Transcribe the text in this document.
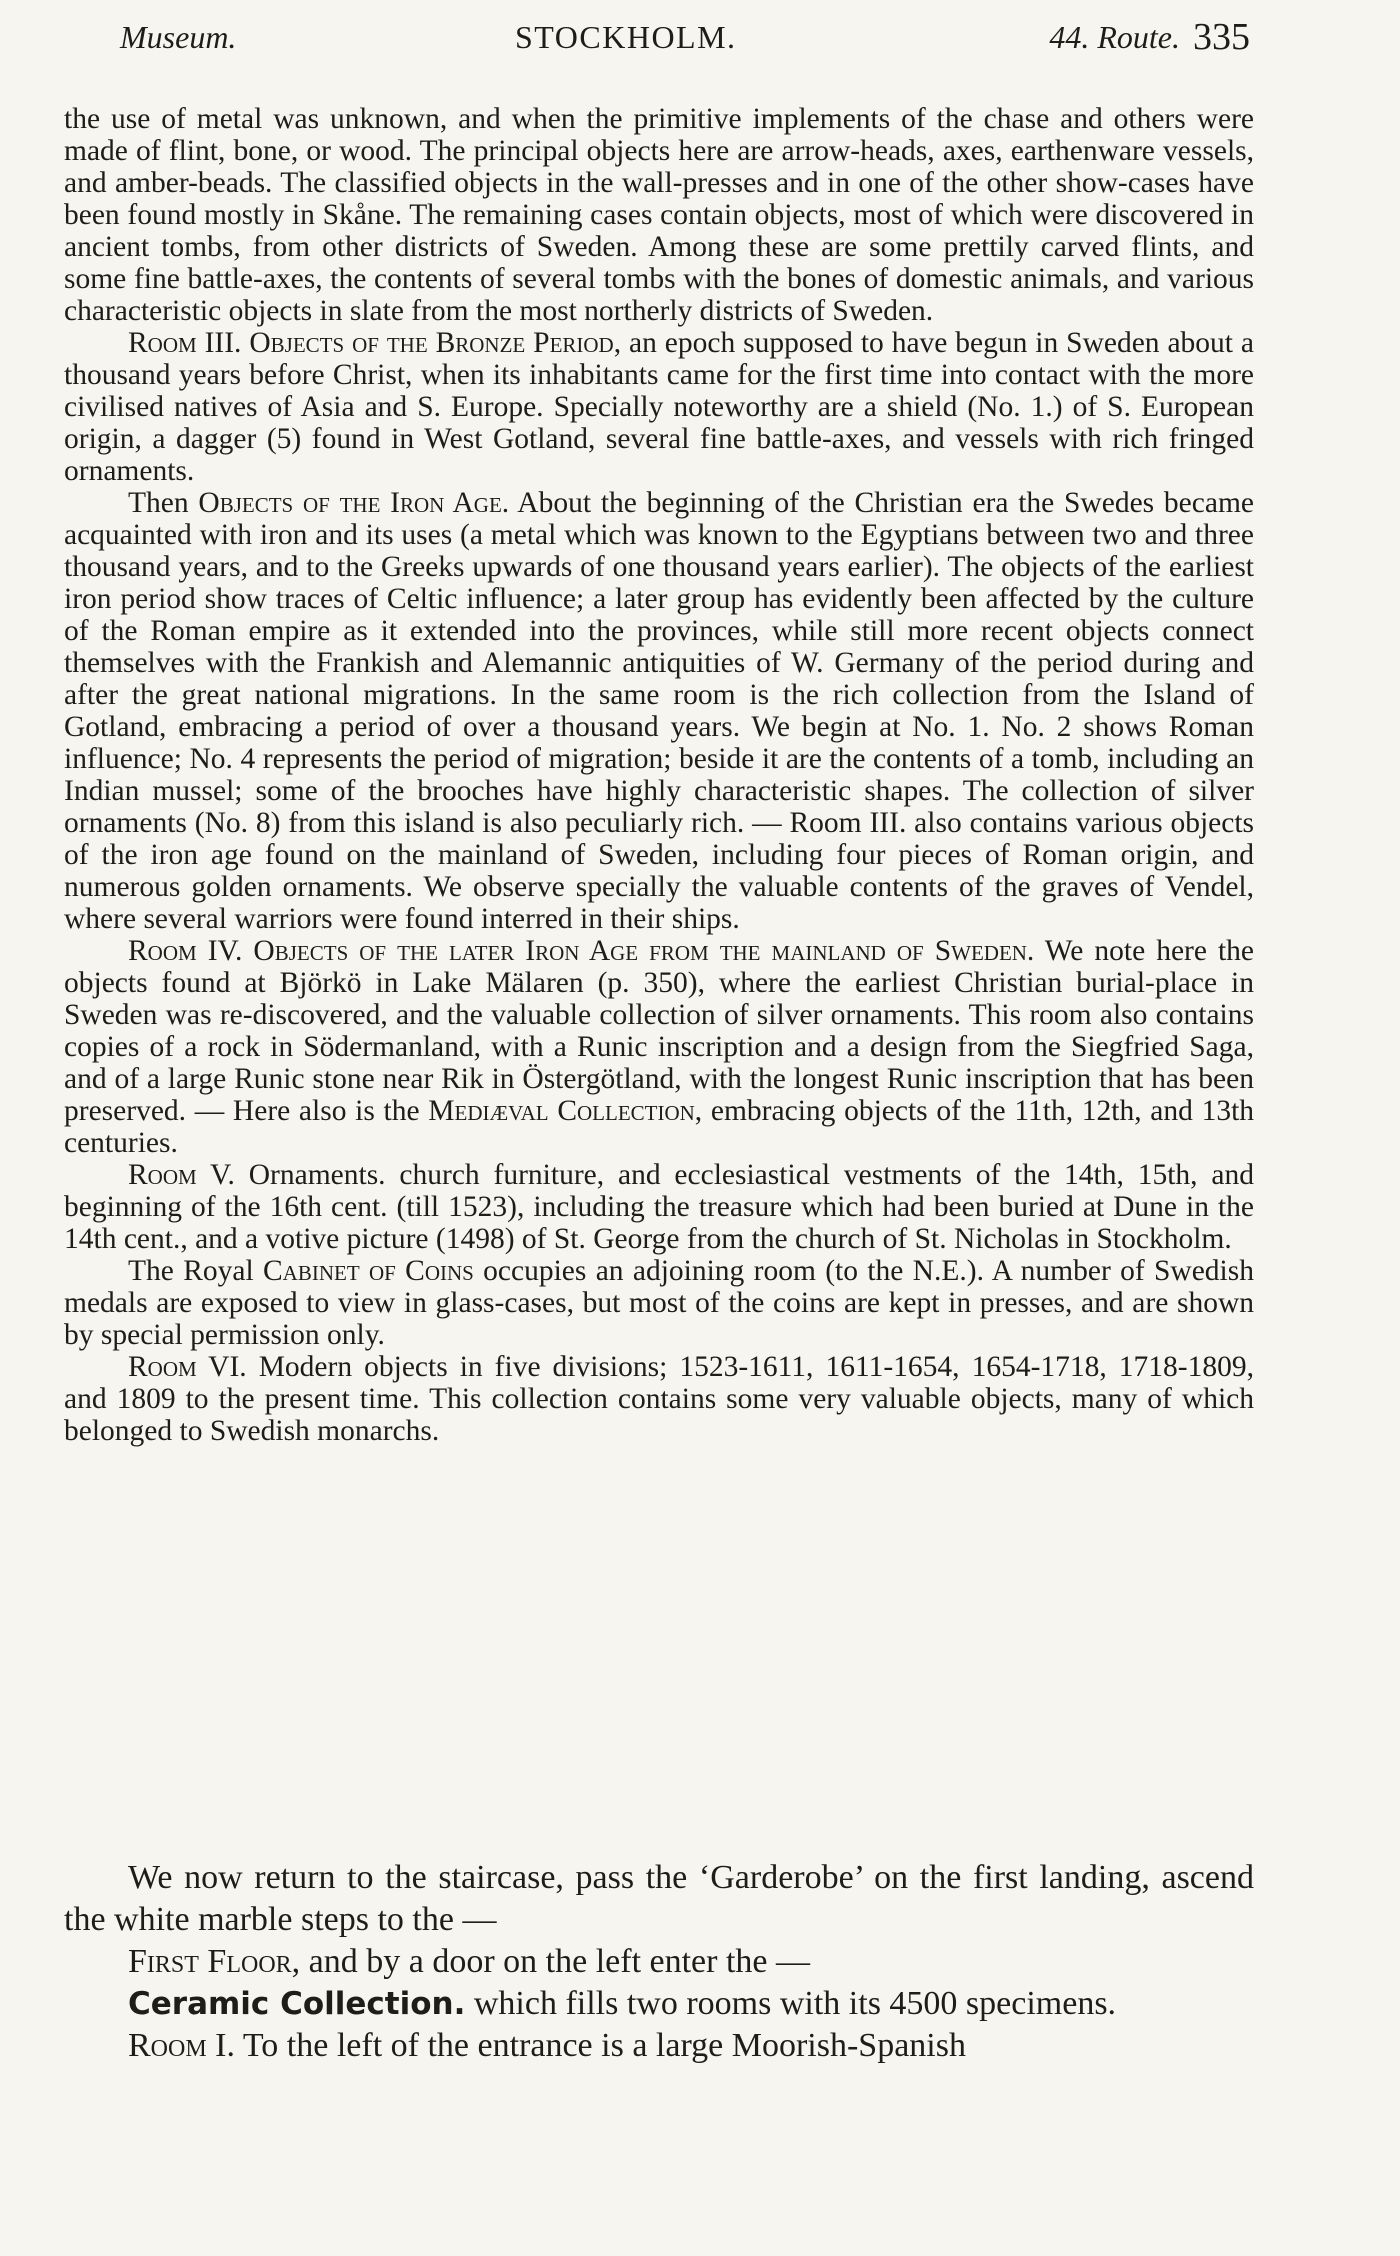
Museum.	STOCKHOLM.	44. Route. 335

the use of metal was unknown, and when the primitive implements of the chase and others were made of flint, bone, or wood. The principal objects here are arrow-heads, axes, earthenware vessels, and amber-beads. The classified objects in the wall-presses and in one of the other show-cases have been found mostly in Skåne. The remaining cases contain objects, most of which were discovered in ancient tombs, from other districts of Sweden. Among these are some prettily carved flints, and some fine battle-axes, the contents of several tombs with the bones of domestic animals, and various characteristic objects in slate from the most northerly districts of Sweden.

Room III. Objects of the Bronze Period, an epoch supposed to have begun in Sweden about a thousand years before Christ, when its inhabitants came for the first time into contact with the more civilised natives of Asia and S. Europe. Specially noteworthy are a shield (No. 1.) of S. European origin, a dagger (5) found in West Gotland, several fine battle-axes, and vessels with rich fringed ornaments.

Then Objects of the Iron Age. About the beginning of the Christian era the Swedes became acquainted with iron and its uses (a metal which was known to the Egyptians between two and three thousand years, and to the Greeks upwards of one thousand years earlier). The objects of the earliest iron period show traces of Celtic influence; a later group has evidently been affected by the culture of the Roman empire as it extended into the provinces, while still more recent objects connect themselves with the Frankish and Alemannic antiquities of W. Germany of the period during and after the great national migrations. In the same room is the rich collection from the Island of Gotland, embracing a period of over a thousand years. We begin at No. 1. No. 2 shows Roman influence; No. 4 represents the period of migration; beside it are the contents of a tomb, including an Indian mussel; some of the brooches have highly characteristic shapes. The collection of silver ornaments (No. 8) from this island is also peculiarly rich. — Room III. also contains various objects of the iron age found on the mainland of Sweden, including four pieces of Roman origin, and numerous golden ornaments. We observe specially the valuable contents of the graves of Vendel, where several warriors were found interred in their ships.

Room IV. Objects of the later Iron Age from the mainland of Sweden. We note here the objects found at Björkö in Lake Mälaren (p. 350), where the earliest Christian burial-place in Sweden was re-discovered, and the valuable collection of silver ornaments. This room also contains copies of a rock in Södermanland, with a Runic inscription and a design from the Siegfried Saga, and of a large Runic stone near Rik in Östergötland, with the longest Runic inscription that has been preserved. — Here also is the Mediæval Collection, embracing objects of the 11th, 12th, and 13th centuries.

Room V. Ornaments. church furniture, and ecclesiastical vestments of the 14th, 15th, and beginning of the 16th cent. (till 1523), including the treasure which had been buried at Dune in the 14th cent., and a votive picture (1498) of St. George from the church of St. Nicholas in Stockholm.

The Royal Cabinet of Coins occupies an adjoining room (to the N.E.). A number of Swedish medals are exposed to view in glass-cases, but most of the coins are kept in presses, and are shown by special permission only.

Room VI. Modern objects in five divisions; 1523-1611, 1611-1654, 1654-1718, 1718-1809, and 1809 to the present time. This collection contains some very valuable objects, many of which belonged to Swedish monarchs.

We now return to the staircase, pass the ‘Garderobe’ on the first landing, ascend the white marble steps to the —

First Floor, and by a door on the left enter the —

Ceramic Collection. which fills two rooms with its 4500 specimens.

Room I. To the left of the entrance is a large Moorish-Spanish
